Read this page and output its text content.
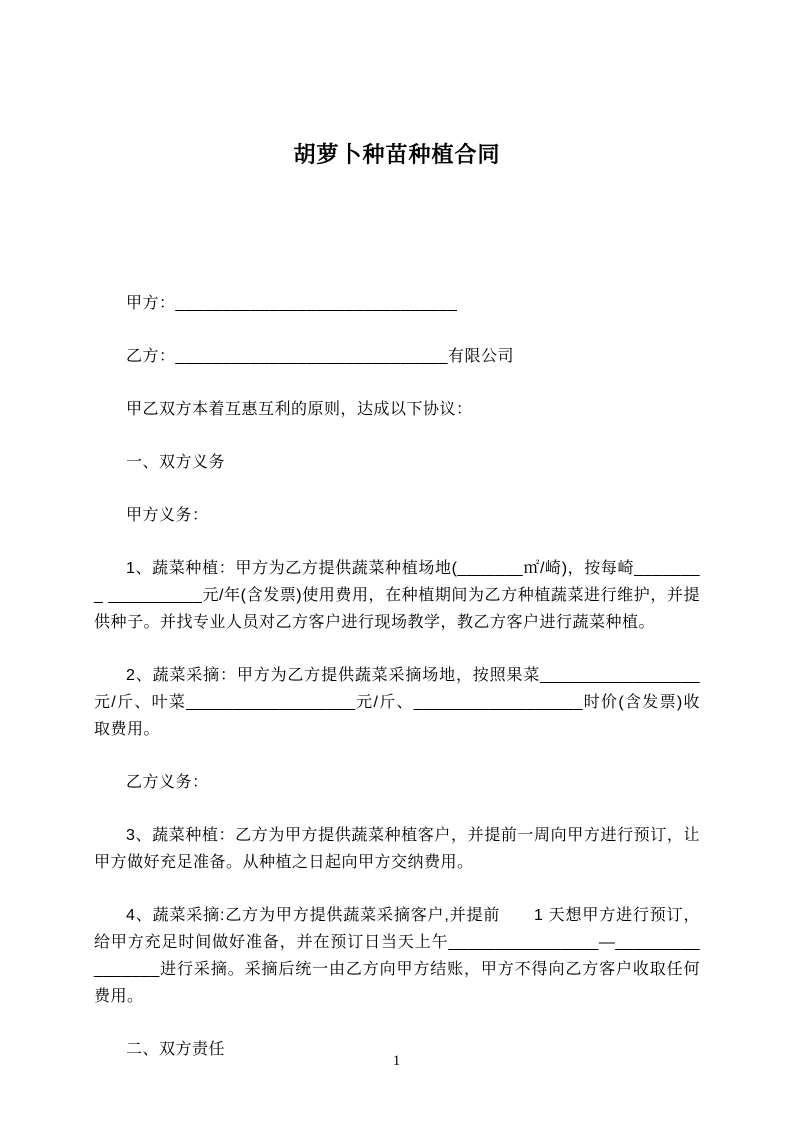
胡萝卜种苗种植合同

甲方：______________________________

乙方：_____________________________有限公司

甲乙双方本着互惠互利的原则，达成以下协议：

一、双方义务

甲方义务：

1、蔬菜种植：甲方为乙方提供蔬菜种植场地(_______㎡/崎)，按每崎________ __________元/年(含发票)使用费用，在种植期间为乙方种植蔬菜进行维护，并提供种子。并找专业人员对乙方客户进行现场教学，教乙方客户进行蔬菜种植。

2、蔬菜采摘：甲方为乙方提供蔬菜采摘场地，按照果菜_________________元/斤、叶菜__________________元/斤、__________________时价(含发票)收取费用。

乙方义务：

3、蔬菜种植：乙方为甲方提供蔬菜种植客户，并提前一周向甲方进行预订，让甲方做好充足准备。从种植之日起向甲方交纳费用。

4、蔬菜采摘:乙方为甲方提供蔬菜采摘客户,并提前　　1 天想甲方进行预订，给甲方充足时间做好准备，并在预订日当天上午________________—________________进行采摘。采摘后统一由乙方向甲方结账，甲方不得向乙方客户收取任何费用。

二、双方责任

1
